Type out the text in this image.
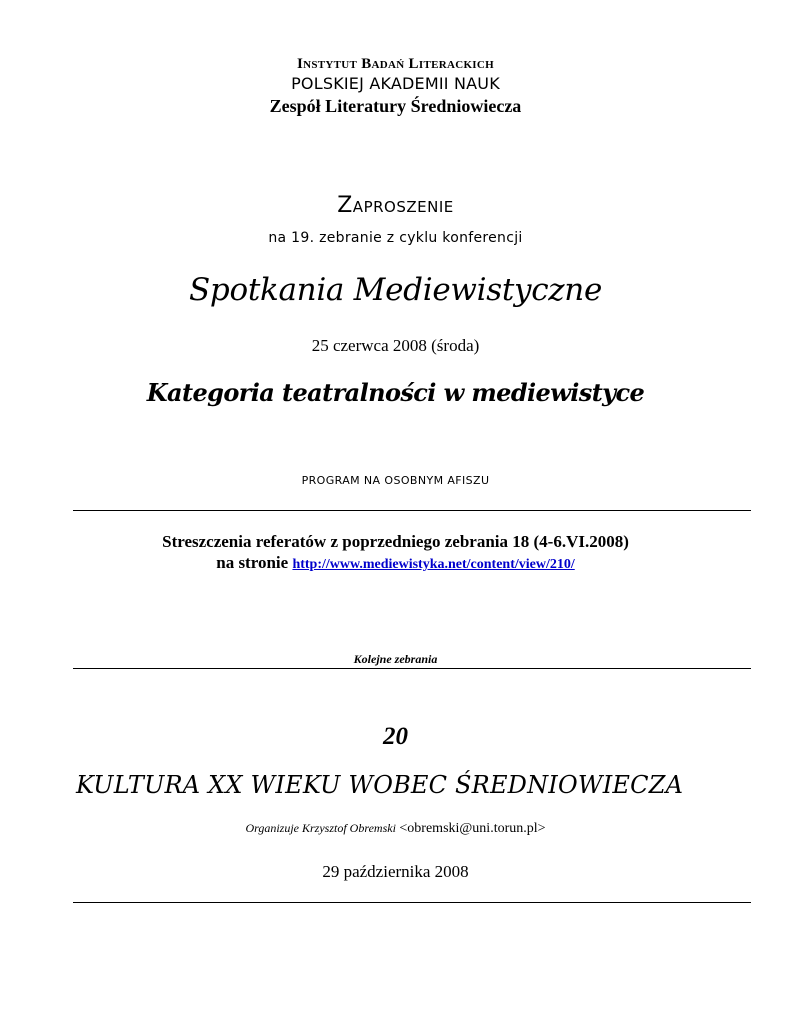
Instytut Badań Literackich
POLSKIEJ AKADEMII NAUK
Zespół Literatury Średniowiecza
Zaproszenie
na 19. zebranie z cyklu konferencji
Spotkania Mediewistyczne
25 czerwca 2008 (środa)
Kategoria teatralności w mediewistyce
PROGRAM NA OSOBNYM AFISZU
Streszczenia referatów z poprzedniego zebrania 18 (4-6.VI.2008)
na stronie http://www.mediewistyka.net/content/view/210/
Kolejne zebrania
20
KULTURA XX WIEKU WOBEC ŚREDNIOWIECZA
Organizuje Krzysztof Obremski <obremski@uni.torun.pl>
29 października 2008
